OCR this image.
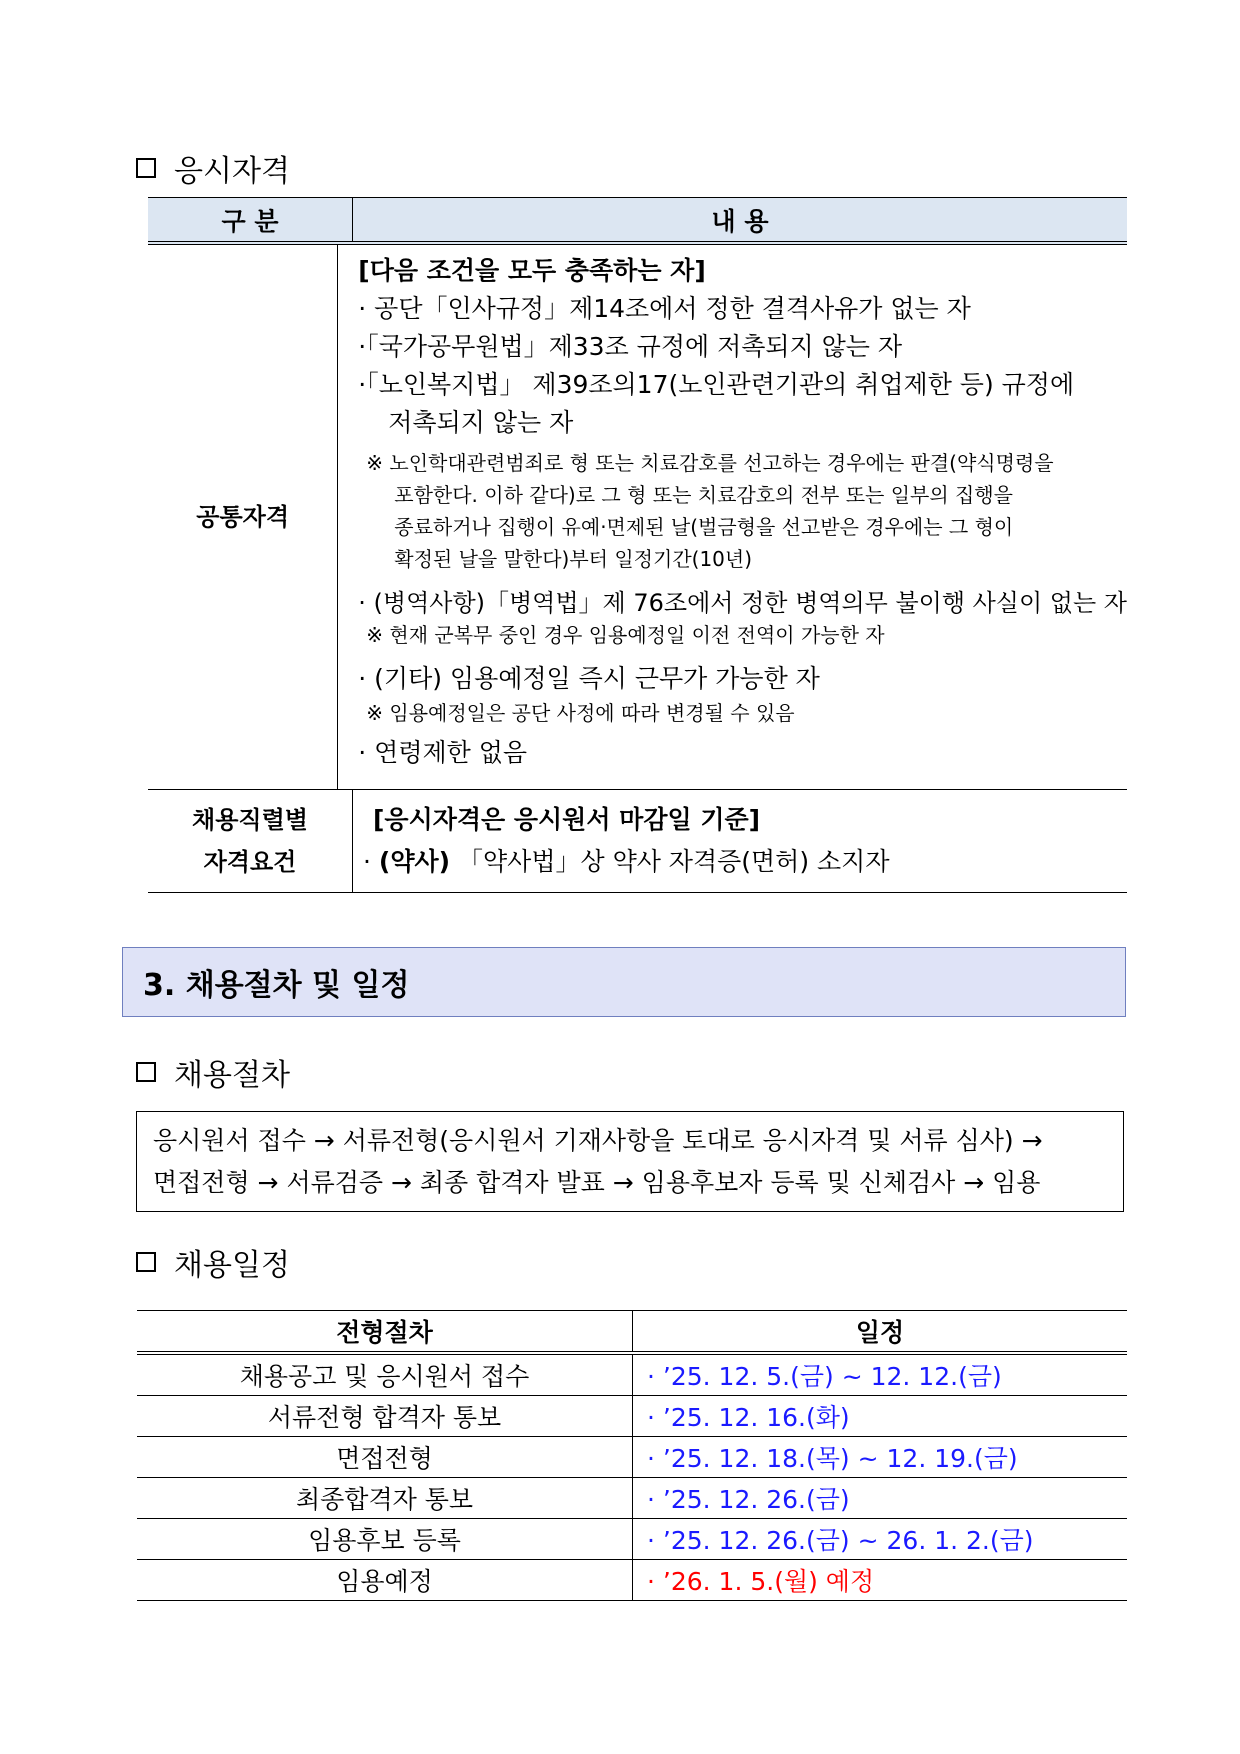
응시자격
구 분	내 용
공통자격
[다음 조건을 모두 충족하는 자]
· 공단「인사규정」제14조에서 정한 결격사유가 없는 자
·「국가공무원법」제33조 규정에 저촉되지 않는 자
·「노인복지법」 제39조의17(노인관련기관의 취업제한 등) 규정에
저촉되지 않는 자
※ 노인학대관련범죄로 형 또는 치료감호를 선고하는 경우에는 판결(약식명령을
포함한다. 이하 같다)로 그 형 또는 치료감호의 전부 또는 일부의 집행을
종료하거나 집행이 유예·면제된 날(벌금형을 선고받은 경우에는 그 형이
확정된 날을 말한다)부터 일정기간(10년)
· (병역사항)「병역법」제 76조에서 정한 병역의무 불이행 사실이 없는 자
※ 현재 군복무 중인 경우 임용예정일 이전 전역이 가능한 자
· (기타) 임용예정일 즉시 근무가 가능한 자
※ 임용예정일은 공단 사정에 따라 변경될 수 있음
· 연령제한 없음
채용직렬별
자격요건
[응시자격은 응시원서 마감일 기준]
· (약사) 「약사법」상 약사 자격증(면허) 소지자
3. 채용절차 및 일정
채용절차
응시원서 접수 → 서류전형(응시원서 기재사항을 토대로 응시자격 및 서류 심사) →
면접전형 → 서류검증 → 최종 합격자 발표 → 임용후보자 등록 및 신체검사 → 임용
채용일정
전형절차	일정
채용공고 및 응시원서 접수	· ’25. 12. 5.(금) ~ 12. 12.(금)
서류전형 합격자 통보	· ’25. 12. 16.(화)
면접전형	· ’25. 12. 18.(목) ~ 12. 19.(금)
최종합격자 통보	· ’25. 12. 26.(금)
임용후보 등록	· ’25. 12. 26.(금) ~ 26. 1. 2.(금)
임용예정	· ’26. 1. 5.(월) 예정
